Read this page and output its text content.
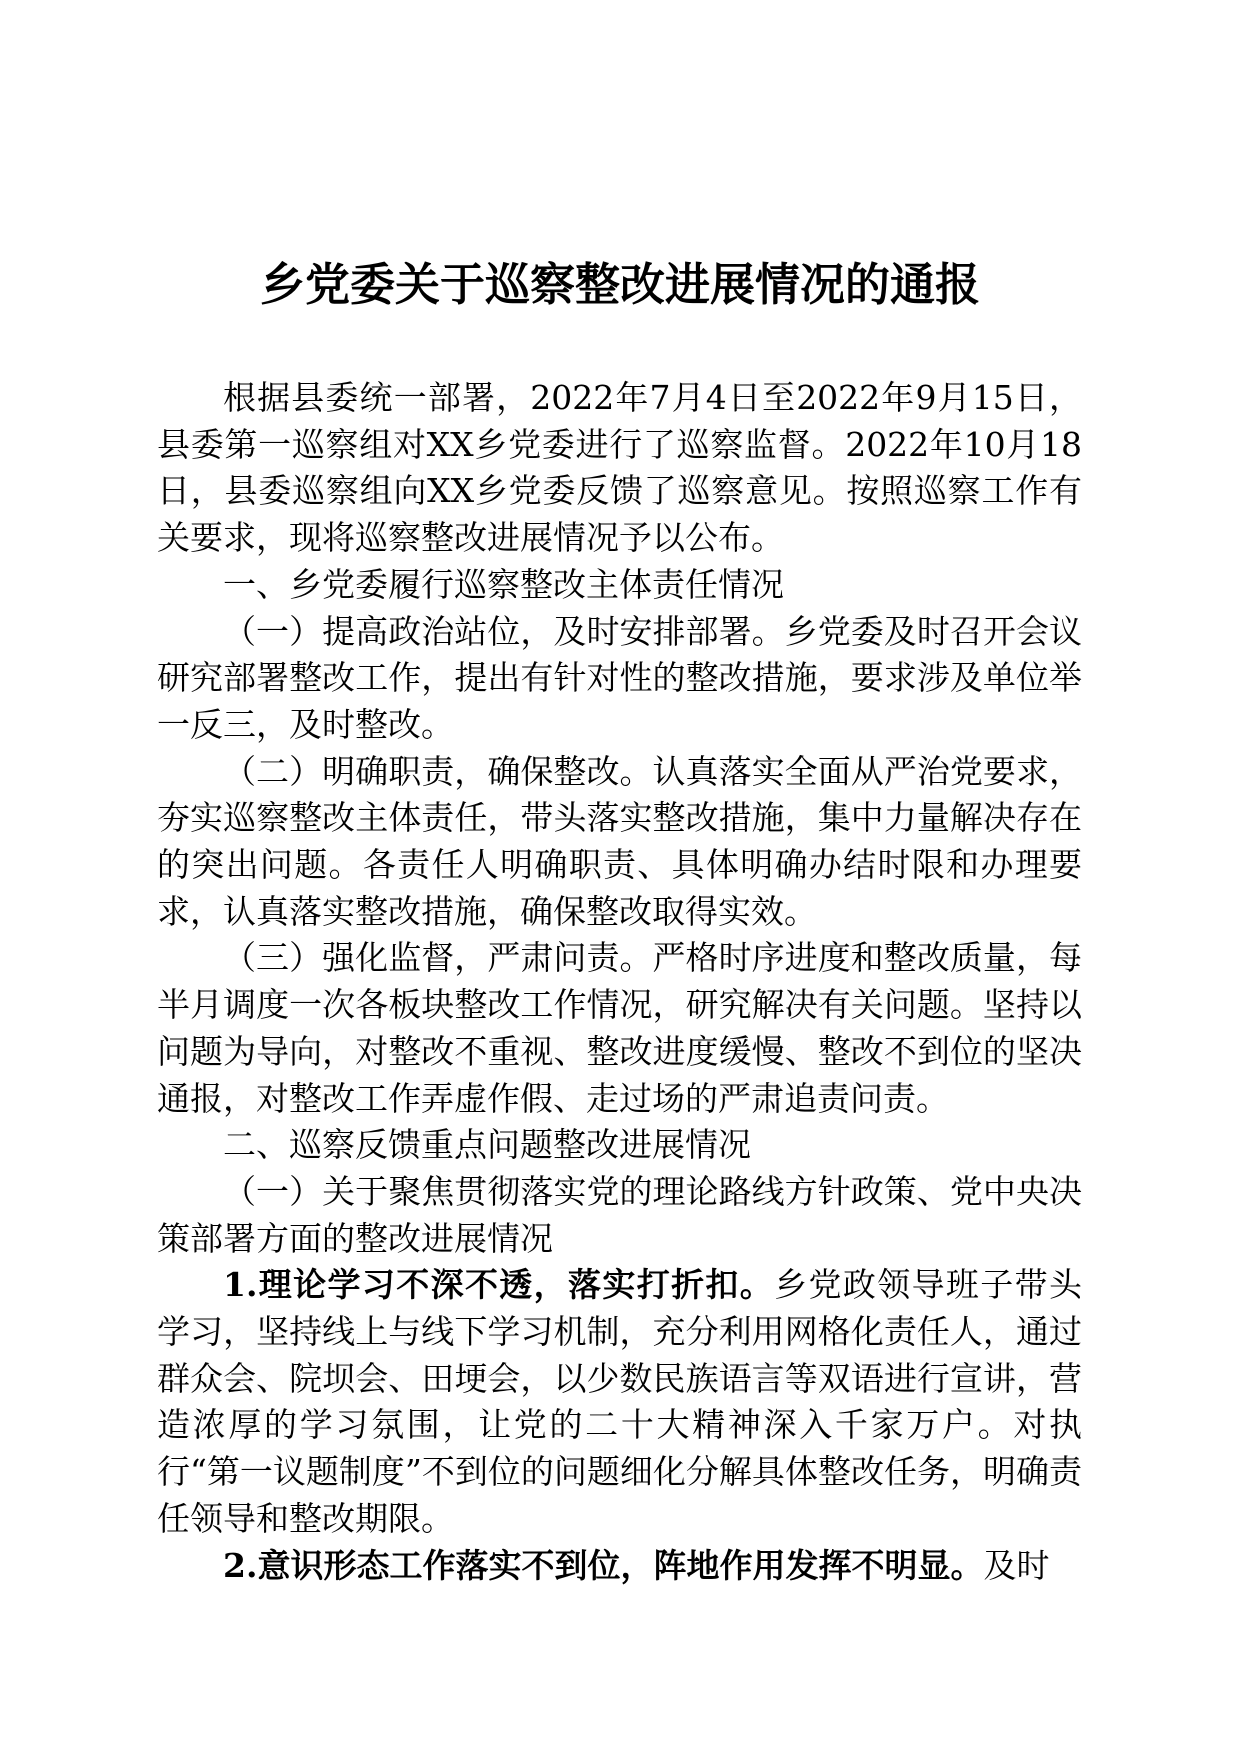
乡党委关于巡察整改进展情况的通报

根据县委统一部署，2022年7月4日至2022年9月15日，县委第一巡察组对XX乡党委进行了巡察监督。2022年10月18日，县委巡察组向XX乡党委反馈了巡察意见。按照巡察工作有关要求，现将巡察整改进展情况予以公布。

一、乡党委履行巡察整改主体责任情况

（一）提高政治站位，及时安排部署。乡党委及时召开会议研究部署整改工作，提出有针对性的整改措施，要求涉及单位举一反三，及时整改。

（二）明确职责，确保整改。认真落实全面从严治党要求，夯实巡察整改主体责任，带头落实整改措施，集中力量解决存在的突出问题。各责任人明确职责、具体明确办结时限和办理要求，认真落实整改措施，确保整改取得实效。

（三）强化监督，严肃问责。严格时序进度和整改质量，每半月调度一次各板块整改工作情况，研究解决有关问题。坚持以问题为导向，对整改不重视、整改进度缓慢、整改不到位的坚决通报，对整改工作弄虚作假、走过场的严肃追责问责。

二、巡察反馈重点问题整改进展情况

（一）关于聚焦贯彻落实党的理论路线方针政策、党中央决策部署方面的整改进展情况

1.理论学习不深不透，落实打折扣。乡党政领导班子带头学习，坚持线上与线下学习机制，充分利用网格化责任人，通过群众会、院坝会、田埂会，以少数民族语言等双语进行宣讲，营造浓厚的学习氛围，让党的二十大精神深入千家万户。对执行“第一议题制度”不到位的问题细化分解具体整改任务，明确责任领导和整改期限。

2.意识形态工作落实不到位，阵地作用发挥不明显。及时
